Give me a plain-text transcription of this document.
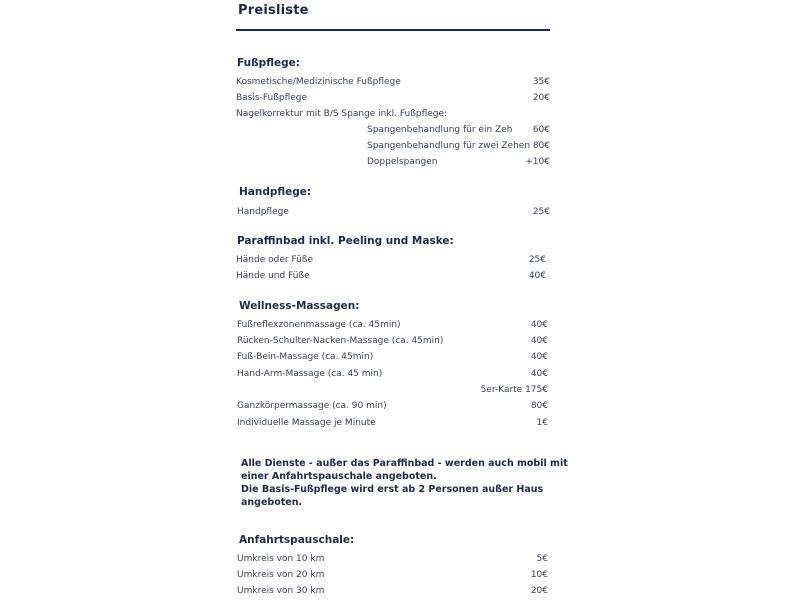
Preisliste
Fußpflege:
Kosmetische/Medizinische Fußpflege	35€
Basis-Fußpflege	20€
Nagelkorrektur mit B/S Spange inkl. Fußpflege:
Spangenbehandlung für ein Zeh 60€
Spangenbehandlung für zwei Zehen 80€
Doppelspangen	+10€
Handpflege:
Handpflege	25€
Paraffinbad inkl. Peeling und Maske:
Hände oder Füße	25€
Hände und Füße	40€
Wellness-Massagen:
Fußreflexzonenmassage (ca. 45min)	40€
Rücken-Schulter-Nacken-Massage (ca. 45min)	40€
Fuß-Bein-Massage (ca. 45min)	40€
Hand-Arm-Massage (ca. 45 min)	40€
5er-Karte 175€
Ganzkörpermassage (ca. 90 min)	80€
Individuelle Massage je Minute	1€
Alle Dienste - außer das Paraffinbad - werden auch mobil mit
einer Anfahrtspauschale angeboten.
Die Basis-Fußpflege wird erst ab 2 Personen außer Haus
angeboten.
Anfahrtspauschale:
Umkreis von 10 km	5€
Umkreis von 20 km	10€
Umkreis von 30 km	20€
